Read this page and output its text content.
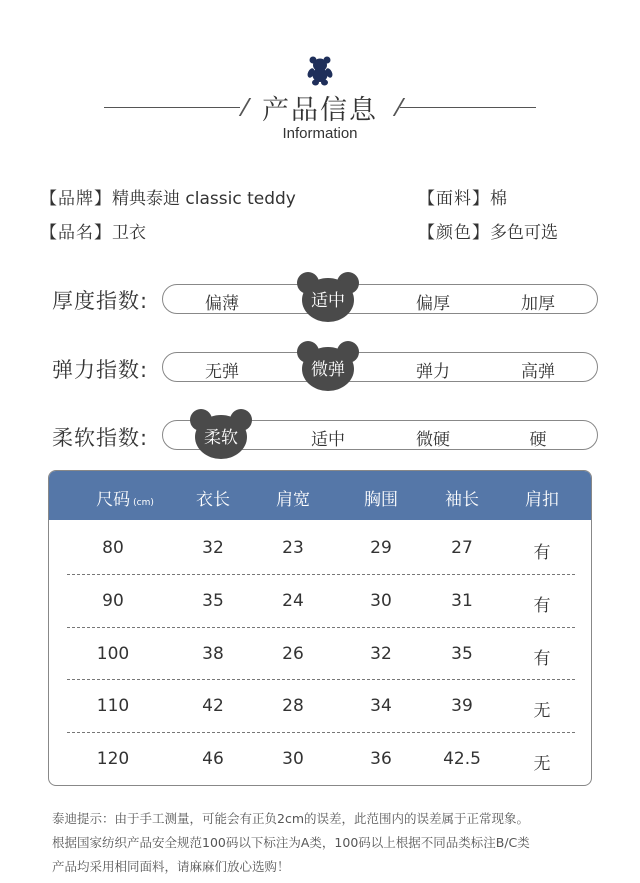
产品信息
Information
【品牌】精典泰迪 classic teddy	【面料】棉
【品名】卫衣	【颜色】多色可选
厚度指数:	偏薄	适中	偏厚	加厚
弹力指数:	无弹	微弹	弹力	高弹
柔软指数:	柔软	适中	微硬	硬
尺码 (cm)	衣长	肩宽	胸围	袖长	肩扣
80	32	23	29	27	有
90	35	24	30	31	有
100	38	26	32	35	有
110	42	28	34	39	无
120	46	30	36	42.5	无
泰迪提示：由于手工测量，可能会有正负2cm的误差，此范围内的误差属于正常现象。
根据国家纺织产品安全规范100码以下标注为A类，100码以上根据不同品类标注B/C类
产品均采用相同面料，请麻麻们放心选购！
